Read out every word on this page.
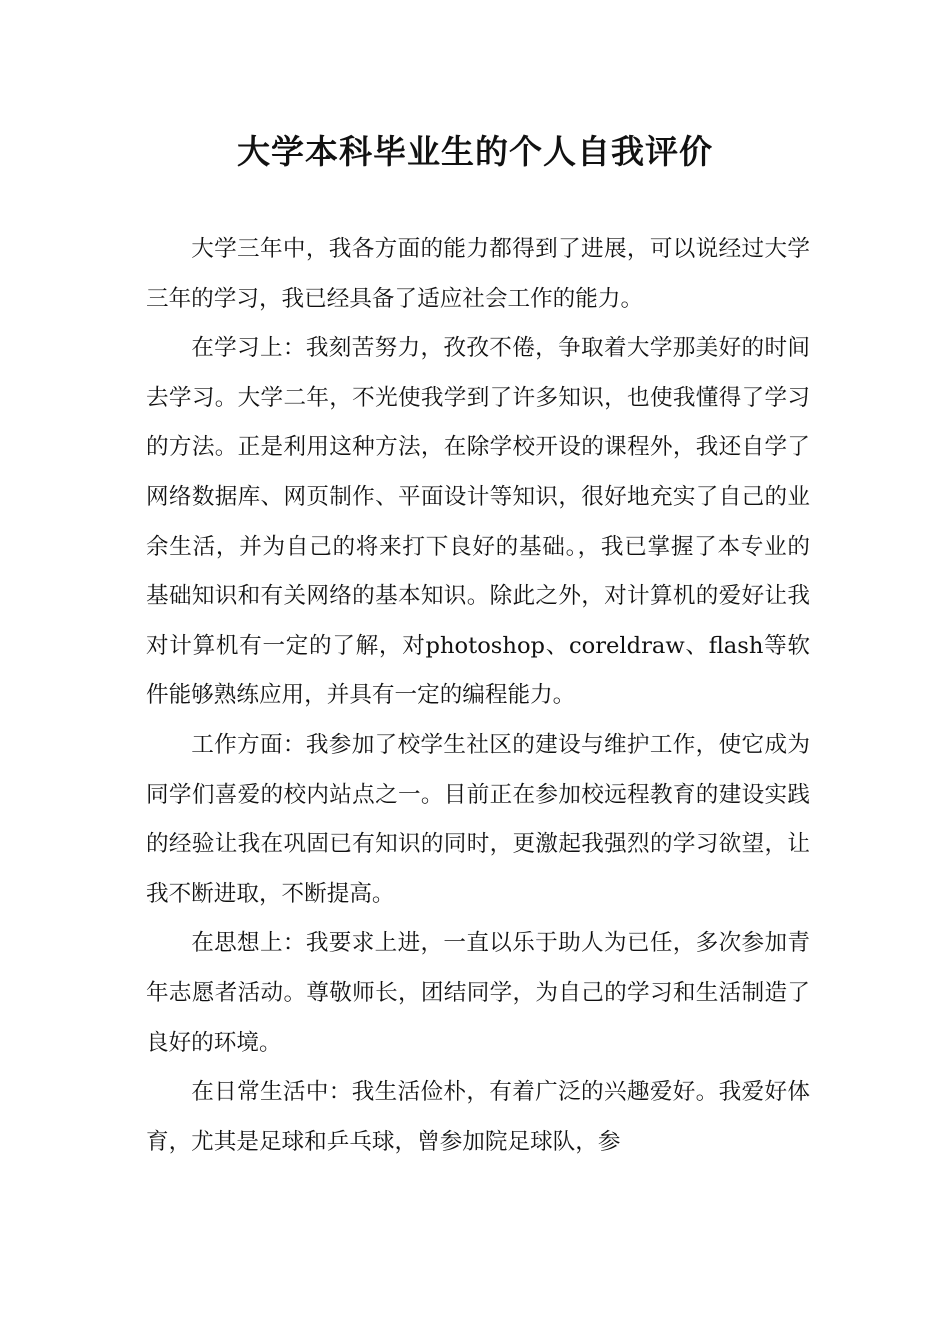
大学本科毕业生的个人自我评价

大学三年中，我各方面的能力都得到了进展，可以说经过大学三年的学习，我已经具备了适应社会工作的能力。

在学习上：我刻苦努力，孜孜不倦，争取着大学那美好的时间去学习。大学二年，不光使我学到了许多知识，也使我懂得了学习的方法。正是利用这种方法，在除学校开设的课程外，我还自学了网络数据库、网页制作、平面设计等知识，很好地充实了自己的业余生活，并为自己的将来打下良好的基础。，我已掌握了本专业的基础知识和有关网络的基本知识。除此之外，对计算机的爱好让我对计算机有一定的了解，对photoshop、coreldraw、flash等软件能够熟练应用，并具有一定的编程能力。

工作方面：我参加了校学生社区的建设与维护工作，使它成为同学们喜爱的校内站点之一。目前正在参加校远程教育的建设实践的经验让我在巩固已有知识的同时，更激起我强烈的学习欲望，让我不断进取，不断提高。

在思想上：我要求上进，一直以乐于助人为已任，多次参加青年志愿者活动。尊敬师长，团结同学，为自己的学习和生活制造了良好的环境。

在日常生活中：我生活俭朴，有着广泛的兴趣爱好。我爱好体育，尤其是足球和乒乓球，曾参加院足球队，参
